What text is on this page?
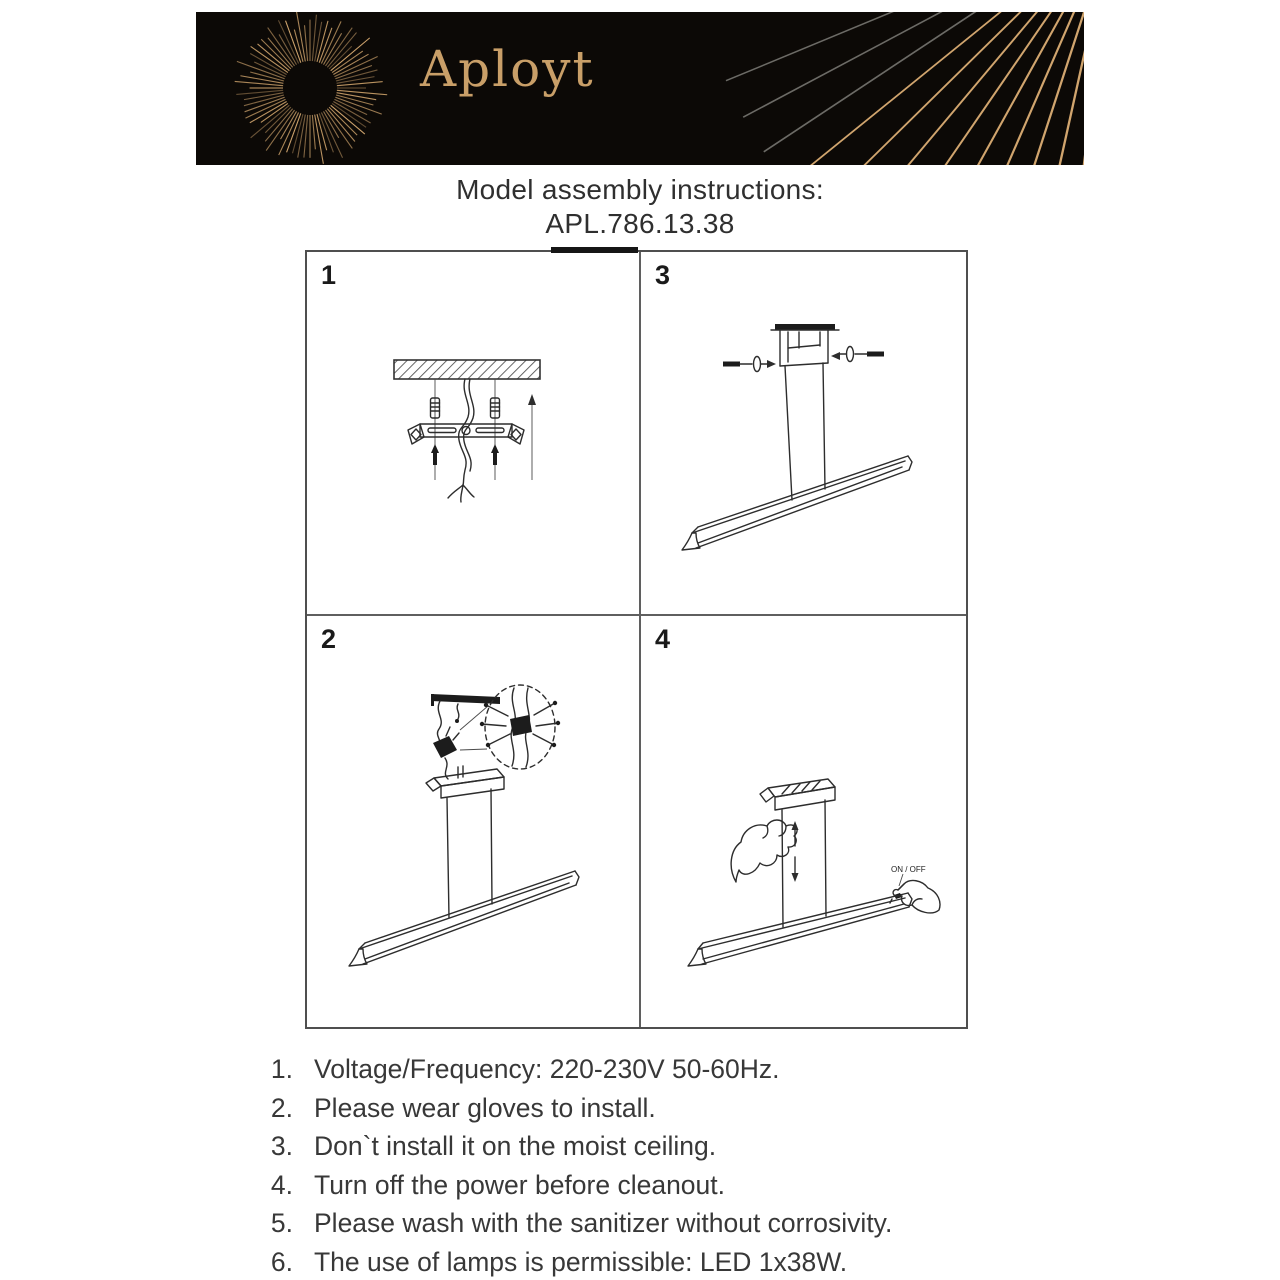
Aployt
Model assembly instructions:
APL.786.13.38
1	3
2	4
ON / OFF
1. Voltage/Frequency: 220-230V 50-60Hz.
2. Please wear gloves to install.
3. Don`t install it on the moist ceiling.
4. Turn off the power before cleanout.
5. Please wash with the sanitizer without corrosivity.
6. The use of lamps is permissible: LED 1x38W.
